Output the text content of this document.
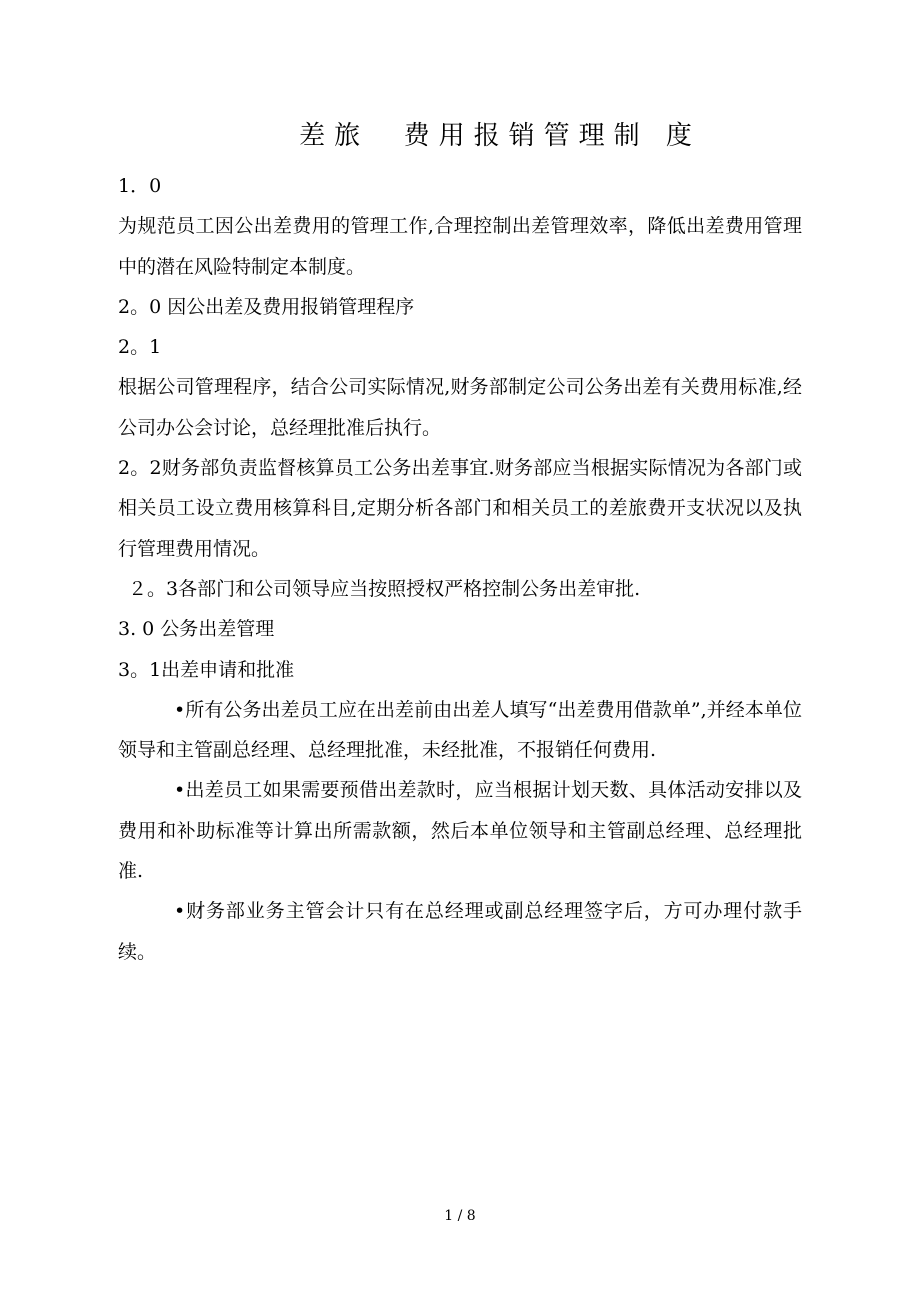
差旅  费用报销管理制 度

1．0

为规范员工因公出差费用的管理工作,合理控制出差管理效率，降低出差费用管理中的潜在风险特制定本制度。

2。0 因公出差及费用报销管理程序

2。1

根据公司管理程序，结合公司实际情况,财务部制定公司公务出差有关费用标准,经公司办公会讨论，总经理批准后执行。

2。2财务部负责监督核算员工公务出差事宜.财务部应当根据实际情况为各部门或相关员工设立费用核算科目,定期分析各部门和相关员工的差旅费开支状况以及执行管理费用情况。

２。3各部门和公司领导应当按照授权严格控制公务出差审批.

3. 0 公务出差管理

3。1出差申请和批准

•所有公务出差员工应在出差前由出差人填写“出差费用借款单”,并经本单位领导和主管副总经理、总经理批准，未经批准，不报销任何费用.

•出差员工如果需要预借出差款时，应当根据计划天数、具体活动安排以及费用和补助标准等计算出所需款额，然后本单位领导和主管副总经理、总经理批准.

•财务部业务主管会计只有在总经理或副总经理签字后，方可办理付款手续。

1 / 8
